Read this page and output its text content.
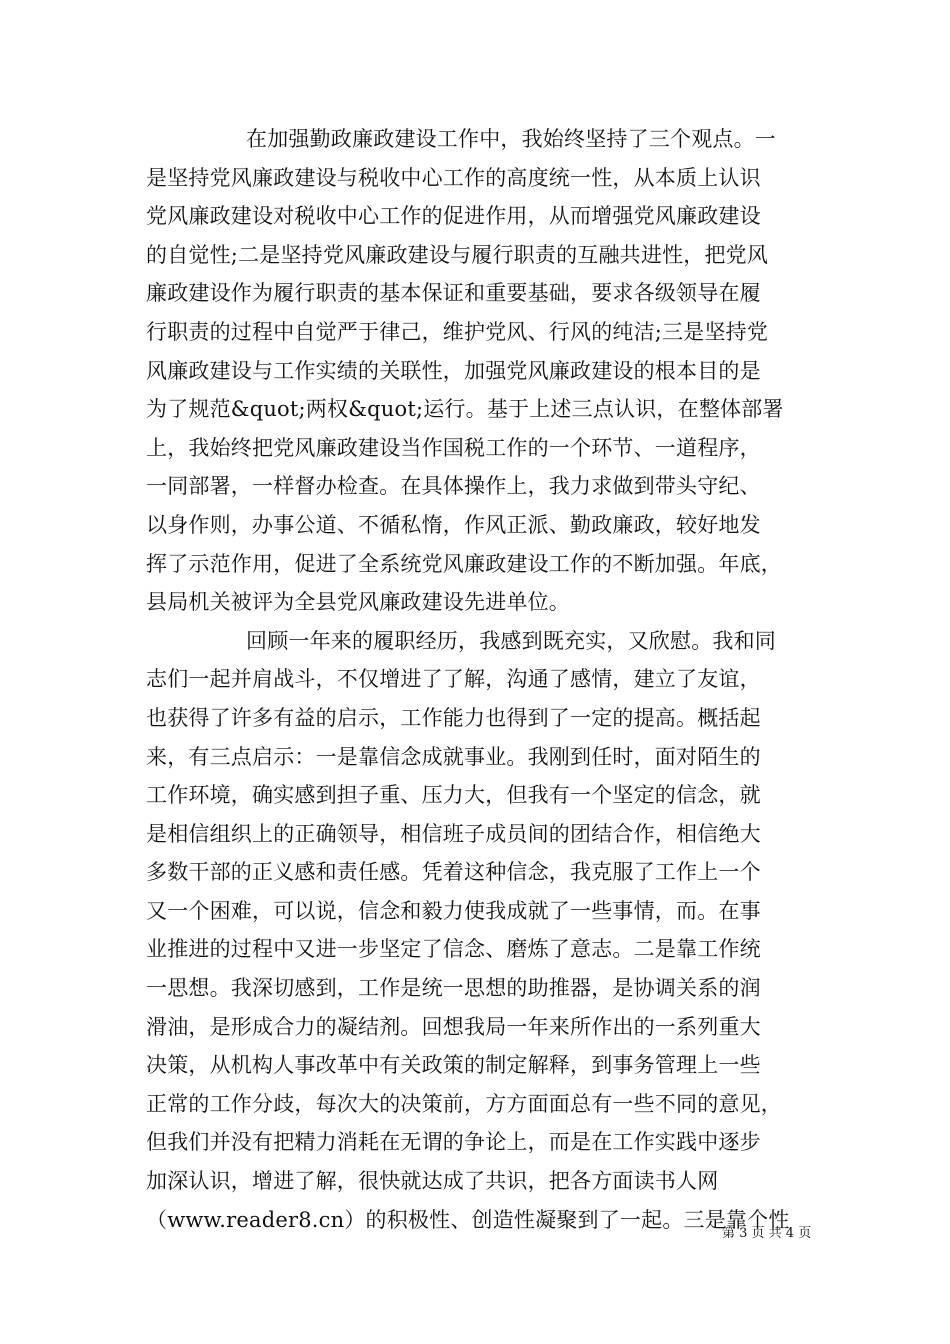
在加强勤政廉政建设工作中，我始终坚持了三个观点。一
是坚持党风廉政建设与税收中心工作的高度统一性，从本质上认识
党风廉政建设对税收中心工作的促进作用，从而增强党风廉政建设
的自觉性;二是坚持党风廉政建设与履行职责的互融共进性，把党风
廉政建设作为履行职责的基本保证和重要基础，要求各级领导在履
行职责的过程中自觉严于律己，维护党风、行风的纯洁;三是坚持党
风廉政建设与工作实绩的关联性，加强党风廉政建设的根本目的是
为了规范&quot;两权&quot;运行。基于上述三点认识，在整体部署
上，我始终把党风廉政建设当作国税工作的一个环节、一道程序，
一同部署，一样督办检查。在具体操作上，我力求做到带头守纪、
以身作则，办事公道、不循私惰，作风正派、勤政廉政，较好地发
挥了示范作用，促进了全系统党风廉政建设工作的不断加强。年底，
县局机关被评为全县党风廉政建设先进单位。
回顾一年来的履职经历，我感到既充实，又欣慰。我和同
志们一起并肩战斗，不仅增进了了解，沟通了感情，建立了友谊，
也获得了许多有益的启示，工作能力也得到了一定的提高。概括起
来，有三点启示：一是靠信念成就事业。我刚到任时，面对陌生的
工作环境，确实感到担子重、压力大，但我有一个坚定的信念，就
是相信组织上的正确领导，相信班子成员间的团结合作，相信绝大
多数干部的正义感和责任感。凭着这种信念，我克服了工作上一个
又一个困难，可以说，信念和毅力使我成就了一些事情，而。在事
业推进的过程中又进一步坚定了信念、磨炼了意志。二是靠工作统
一思想。我深切感到，工作是统一思想的助推器，是协调关系的润
滑油，是形成合力的凝结剂。回想我局一年来所作出的一系列重大
决策，从机构人事改革中有关政策的制定解释，到事务管理上一些
正常的工作分歧，每次大的决策前，方方面面总有一些不同的意见，
但我们并没有把精力消耗在无谓的争论上，而是在工作实践中逐步
加深认识，增进了解，很快就达成了共识，把各方面读书人网
（www.reader8.cn）的积极性、创造性凝聚到了一起。三是靠个性
第 3 页 共 4 页
